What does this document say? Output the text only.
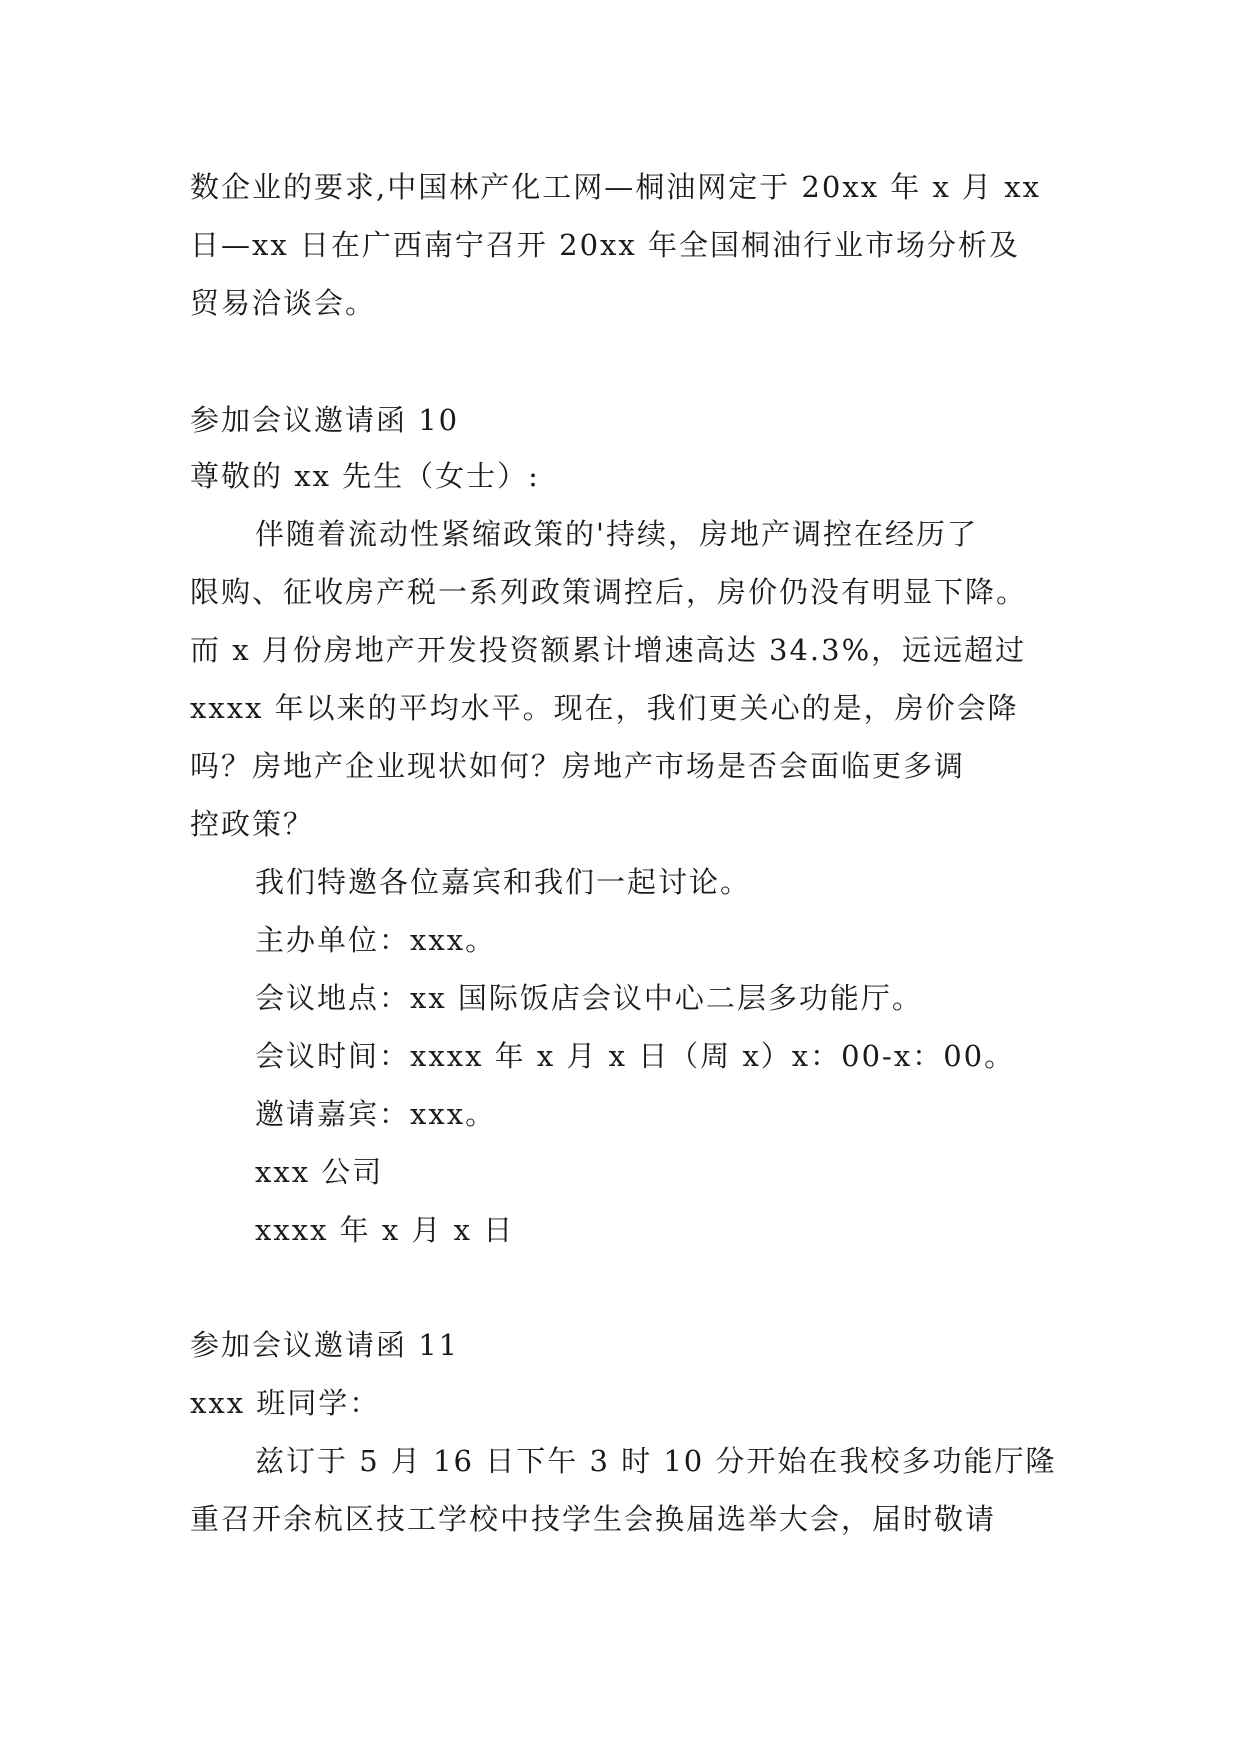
数企业的要求,中国林产化工网—桐油网定于 20xx 年 x 月 xx
日—xx 日在广西南宁召开 20xx 年全国桐油行业市场分析及
贸易洽谈会。
参加会议邀请函 10
尊敬的 xx 先生（女士）:
伴随着流动性紧缩政策的'持续，房地产调控在经历了
限购、征收房产税一系列政策调控后，房价仍没有明显下降。
而 x 月份房地产开发投资额累计增速高达 34.3%，远远超过
xxxx 年以来的平均水平。现在，我们更关心的是，房价会降
吗？房地产企业现状如何？房地产市场是否会面临更多调
控政策？
我们特邀各位嘉宾和我们一起讨论。
主办单位：xxx。
会议地点：xx 国际饭店会议中心二层多功能厅。
会议时间：xxxx 年 x 月 x 日（周 x）x：00-x：00。
邀请嘉宾：xxx。
xxx 公司
xxxx 年 x 月 x 日
参加会议邀请函 11
xxx 班同学：
兹订于 5 月 16 日下午 3 时 10 分开始在我校多功能厅隆
重召开余杭区技工学校中技学生会换届选举大会，届时敬请
